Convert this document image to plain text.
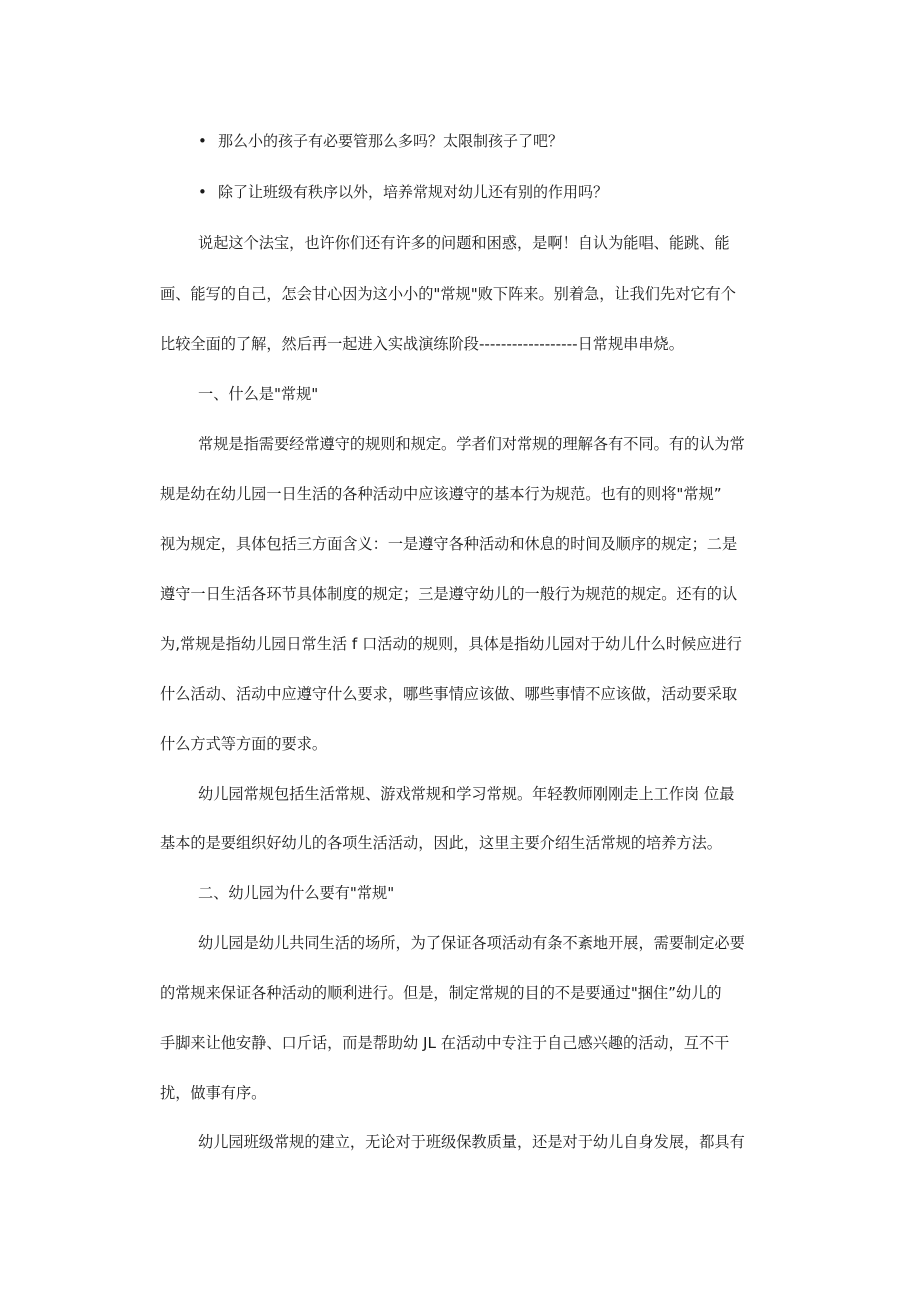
• 那么小的孩子有必要管那么多吗？太限制孩子了吧？
• 除了让班级有秩序以外，培养常规对幼儿还有别的作用吗？
说起这个法宝，也许你们还有许多的问题和困惑，是啊！自认为能唱、能跳、能
画、能写的自己，怎会甘心因为这小小的"常规"败下阵来。别着急，让我们先对它有个
比较全面的了解，然后再一起进入实战演练阶段------------------日常规串串烧。
一、什么是"常规"
常规是指需要经常遵守的规则和规定。学者们对常规的理解各有不同。有的认为常
规是幼在幼儿园一日生活的各种活动中应该遵守的基本行为规范。也有的则将"常规”
视为规定，具体包括三方面含义：一是遵守各种活动和休息的时间及顺序的规定；二是
遵守一日生活各环节具体制度的规定；三是遵守幼儿的一般行为规范的规定。还有的认
为,常规是指幼儿园日常生活 f 口活动的规则，具体是指幼儿园对于幼儿什么时候应进行
什么活动、活动中应遵守什么要求，哪些事情应该做、哪些事情不应该做，活动要采取
什么方式等方面的要求。
幼儿园常规包括生活常规、游戏常规和学习常规。年轻教师刚刚走上工作岗 位最
基本的是要组织好幼儿的各项生活活动，因此，这里主要介绍生活常规的培养方法。
二、幼儿园为什么要有"常规"
幼儿园是幼儿共同生活的场所，为了保证各项活动有条不紊地开展，需要制定必要
的常规来保证各种活动的顺利进行。但是，制定常规的目的不是要通过"捆住”幼儿的
手脚来让他安静、口斤话，而是帮助幼 JL 在活动中专注于自己感兴趣的活动，互不干
扰，做事有序。
幼儿园班级常规的建立，无论对于班级保教质量，还是对于幼儿自身发展，都具有
